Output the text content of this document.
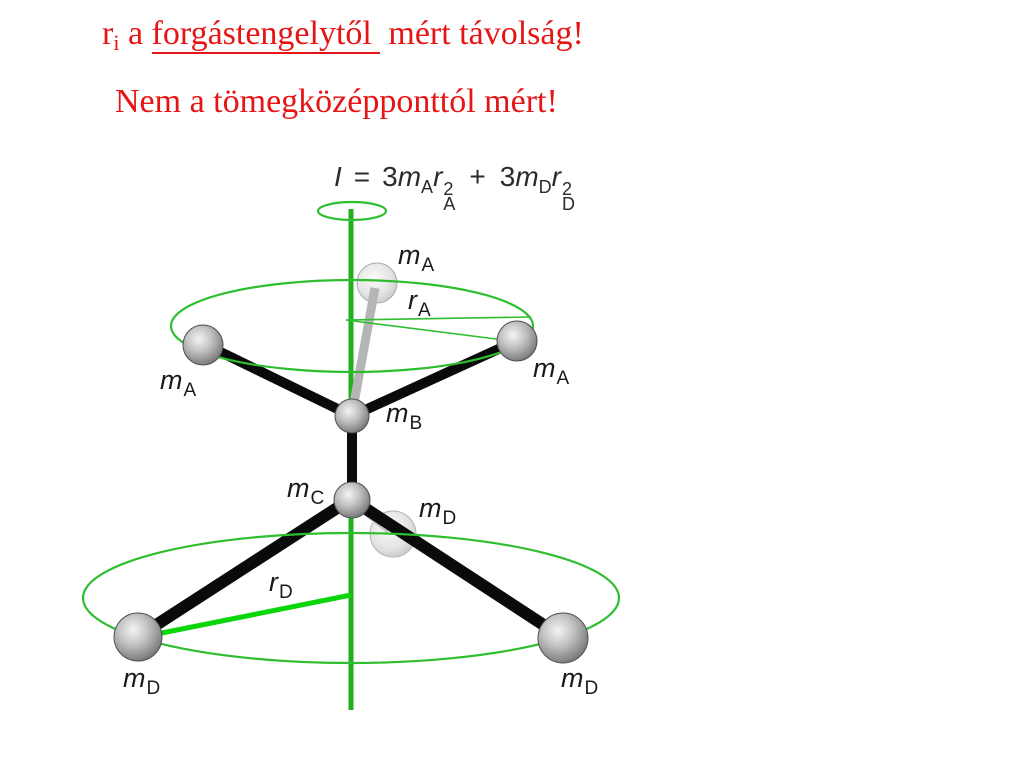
$r_i$ a forgástengelytől mért távolság!
Nem a tömegközépponttól mért!
$I = 3m_Ar$ 2
A
+ $3m_Dr$ 2
D
$m_A$
$m_A$
$m_A$
$m_B$
$m_C$	$m_D$
$m_D$	$m_D$
$r_A$
$r_D$
